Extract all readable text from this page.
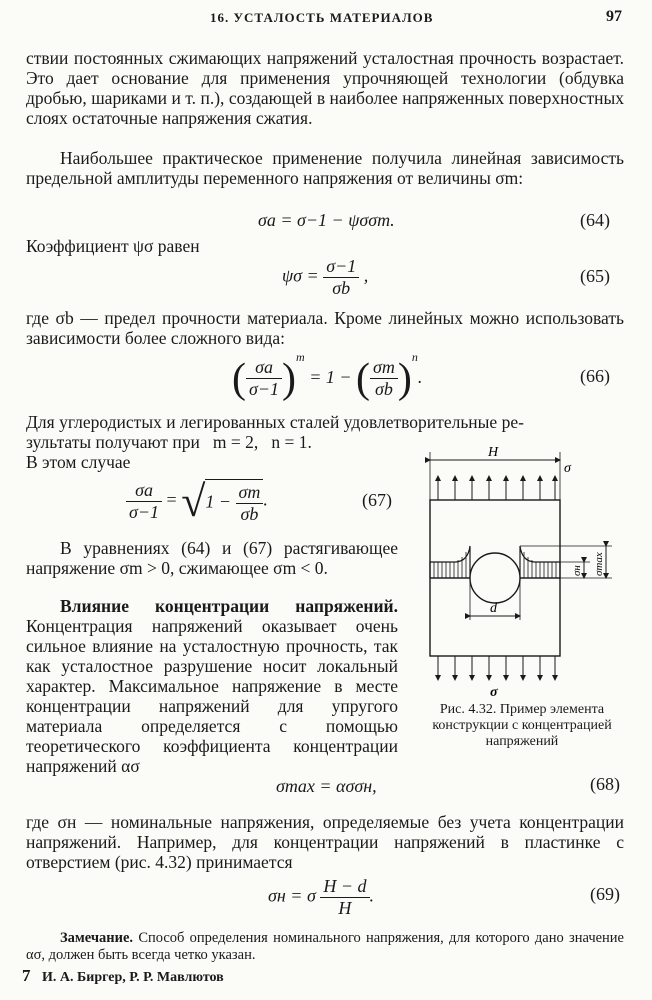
16. УСТАЛОСТЬ МАТЕРИАЛОВ	97

ствии постоянных сжимающих напряжений усталостная прочность возрастает. Это дает основание для применения упрочняющей технологии (обдувка дробью, шариками и т. п.), создающей в наиболее напряженных поверхностных слоях остаточные напряжения сжатия.

Наибольшее практическое применение получила линейная зависимость предельной амплитуды переменного напряжения от величины σm:

σa = σ−1 − ψσσm.	(64)
Коэффициент ψσ равен
$\psi\sigma = \frac{\sigma-1}{\sigma b}$ ,	(65)

где σb — предел прочности материала. Кроме линейных можно использовать зависимости более сложного вида:

( $\frac{\sigma a}{\sigma-1} )^m = 1$ − ( $\frac{\sigma m}{\sigma b} )^n$.	(66)

Для углеродистых и легированных сталей удовлетворительные ре-

зультаты получают при   m = 2,   n = 1.

В этом случае
$\frac{\sigma a}{\sigma-1} = √1 - \frac{\sigma m}{\sigma b}$ .	(67)

В уравнениях (64) и (67) растягивающее напряжение σm > 0, сжимающее σm < 0.

Влияние концентрации напряжений. Концентрация напряжений оказывает очень сильное влияние на усталостную прочность, так как усталостное разрушение носит локальный характер. Максимальное напряжение в месте концентрации напряжений для упругого материала определяется с помощью теоретического коэффициента концентрации напряжений ασ

H
σ
σ
d
σн σmax
Рис. 4.32. Пример элемента конструкции с концентрацией напряжений
σmax = ασσн,	(68)

где σн — номинальные напряжения, определяемые без учета концентрации напряжений. Например, для концентрации напряжений в пластинке с отверстием (рис. 4.32) принимается

σн = σ $\frac{H - d}{H}$ .	(69)

Замечание. Способ определения номинального напряжения, для которого дано значение ασ, должен быть всегда четко указан.

7 И. А. Биргер, Р. Р. Мавлютов
